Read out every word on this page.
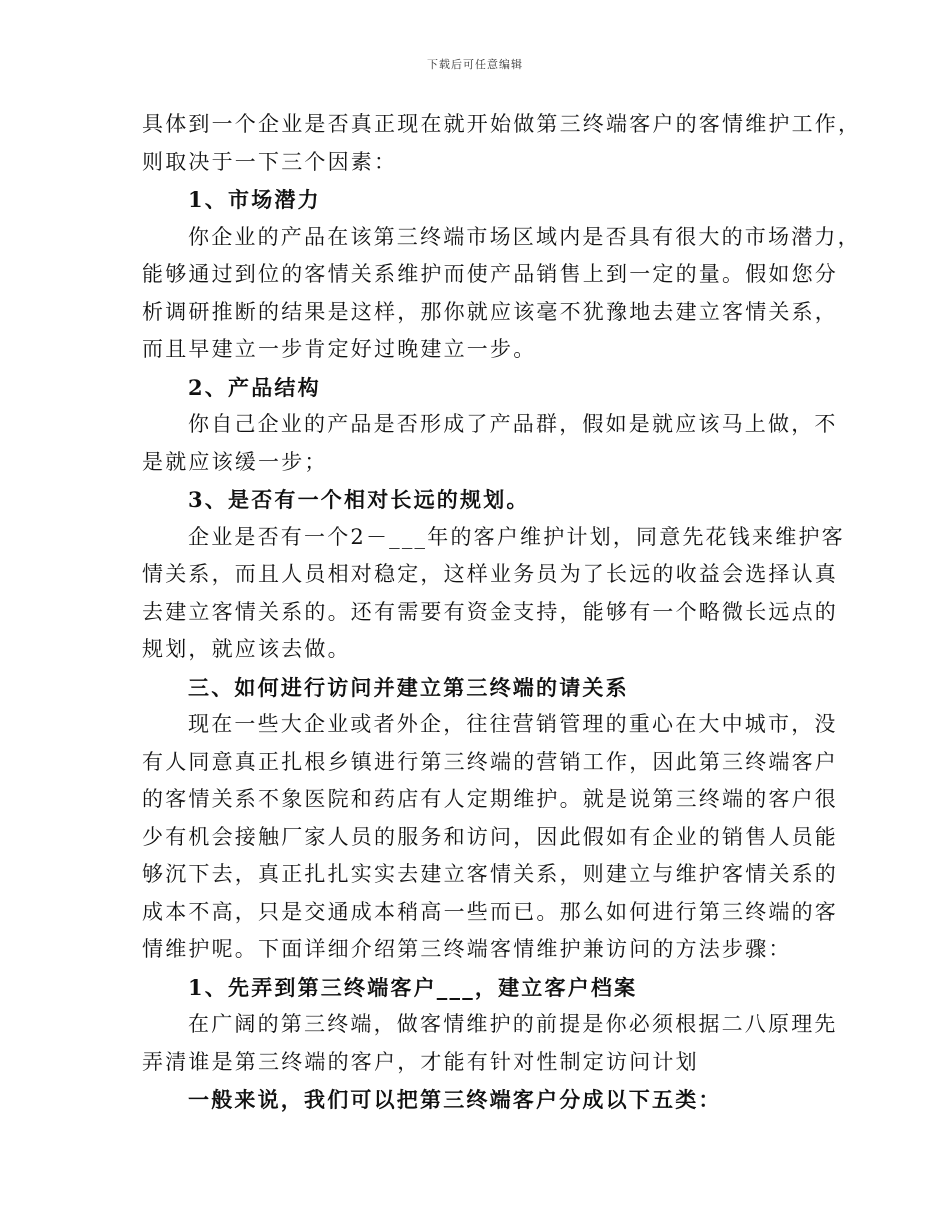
下载后可任意编辑
具体到一个企业是否真正现在就开始做第三终端客户的客情维护工作，
则取决于一下三个因素：
1、市场潜力
你企业的产品在该第三终端市场区域内是否具有很大的市场潜力，
能够通过到位的客情关系维护而使产品销售上到一定的量。假如您分
析调研推断的结果是这样，那你就应该毫不犹豫地去建立客情关系，
而且早建立一步肯定好过晚建立一步。
2、产品结构
你自己企业的产品是否形成了产品群，假如是就应该马上做，不
是就应该缓一步；
3、是否有一个相对长远的规划。
企业是否有一个2－___年的客户维护计划，同意先花钱来维护客
情关系，而且人员相对稳定，这样业务员为了长远的收益会选择认真
去建立客情关系的。还有需要有资金支持，能够有一个略微长远点的
规划，就应该去做。
三、如何进行访问并建立第三终端的请关系
现在一些大企业或者外企，往往营销管理的重心在大中城市，没
有人同意真正扎根乡镇进行第三终端的营销工作，因此第三终端客户
的客情关系不象医院和药店有人定期维护。就是说第三终端的客户很
少有机会接触厂家人员的服务和访问，因此假如有企业的销售人员能
够沉下去，真正扎扎实实去建立客情关系，则建立与维护客情关系的
成本不高，只是交通成本稍高一些而已。那么如何进行第三终端的客
情维护呢。下面详细介绍第三终端客情维护兼访问的方法步骤：
1、先弄到第三终端客户___，建立客户档案
在广阔的第三终端，做客情维护的前提是你必须根据二八原理先
弄清谁是第三终端的客户，才能有针对性制定访问计划
一般来说，我们可以把第三终端客户分成以下五类：
